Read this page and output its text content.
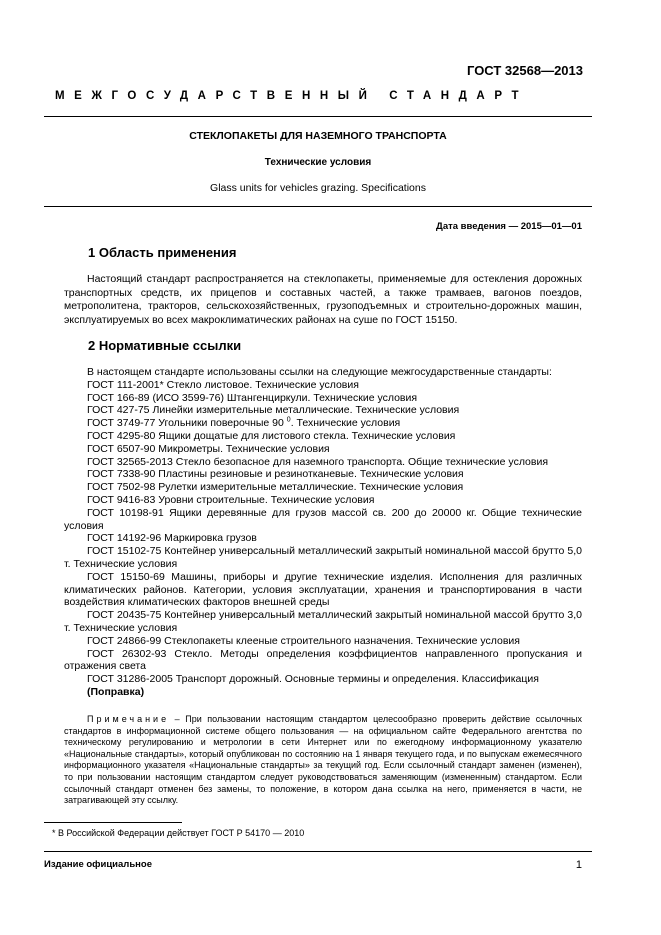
ГОСТ 32568—2013
МЕЖГОСУДАРСТВЕННЫЙ СТАНДАРТ
СТЕКЛОПАКЕТЫ ДЛЯ НАЗЕМНОГО ТРАНСПОРТА
Технические условия
Glass units for vehicles grazing. Specifications
Дата введения — 2015—01—01
1 Область применения

Настоящий стандарт распространяется на стеклопакеты, применяемые для остекления дорожных транспортных средств, их прицепов и составных частей, а также трамваев, вагонов поездов, метрополитена, тракторов, сельскохозяйственных, грузоподъемных и строительно-дорожных машин, эксплуатируемых во всех макроклиматических районах на суше по ГОСТ 15150.

2 Нормативные ссылки
В настоящем стандарте использованы ссылки на следующие межгосударственные стандарты:
ГОСТ 111-2001* Стекло листовое. Технические условия
ГОСТ 166-89 (ИСО 3599-76) Штангенциркули. Технические условия
ГОСТ 427-75 Линейки измерительные металлические. Технические условия
ГОСТ 3749-77 Угольники поверочные 90 $^0$. Технические условия
ГОСТ 4295-80 Ящики дощатые для листового стекла. Технические условия
ГОСТ 6507-90 Микрометры. Технические условия
ГОСТ 32565-2013 Стекло безопасное для наземного транспорта. Общие технические условия
ГОСТ 7338-90 Пластины резиновые и резинотканевые. Технические условия
ГОСТ 7502-98 Рулетки измерительные металлические. Технические условия
ГОСТ 9416-83 Уровни строительные. Технические условия
ГОСТ 10198-91 Ящики деревянные для грузов массой св. 200 до 20000 кг. Общие технические условия
ГОСТ 14192-96 Маркировка грузов
ГОСТ 15102-75 Контейнер универсальный металлический закрытый номинальной массой брутто 5,0 т. Технические условия
ГОСТ 15150-69 Машины, приборы и другие технические изделия. Исполнения для различных климатических районов. Категории, условия эксплуатации, хранения и транспортирования в части воздействия климатических факторов внешней среды
ГОСТ 20435-75 Контейнер универсальный металлический закрытый номинальной массой брутто 3,0 т. Технические условия
ГОСТ 24866-99 Стеклопакеты клееные строительного назначения. Технические условия
ГОСТ 26302-93 Стекло. Методы определения коэффициентов направленного пропускания и отражения света
ГОСТ 31286-2005 Транспорт дорожный. Основные термины и определения. Классификация
(Поправка)

Примечание – При пользовании настоящим стандартом целесообразно проверить действие ссылочных стандартов в информационной системе общего пользования — на официальном сайте Федерального агентства по техническому регулированию и метрологии в сети Интернет или по ежегодному информационному указателю «Национальные стандарты», который опубликован по состоянию на 1 января текущего года, и по выпускам ежемесячного информационного указателя «Национальные стандарты» за текущий год. Если ссылочный стандарт заменен (изменен), то при пользовании настоящим стандартом следует руководствоваться заменяющим (измененным) стандартом. Если ссылочный стандарт отменен без замены, то положение, в котором дана ссылка на него, применяется в части, не затрагивающей эту ссылку.

* В Российской Федерации действует ГОСТ Р 54170 — 2010
Издание официальное	1
